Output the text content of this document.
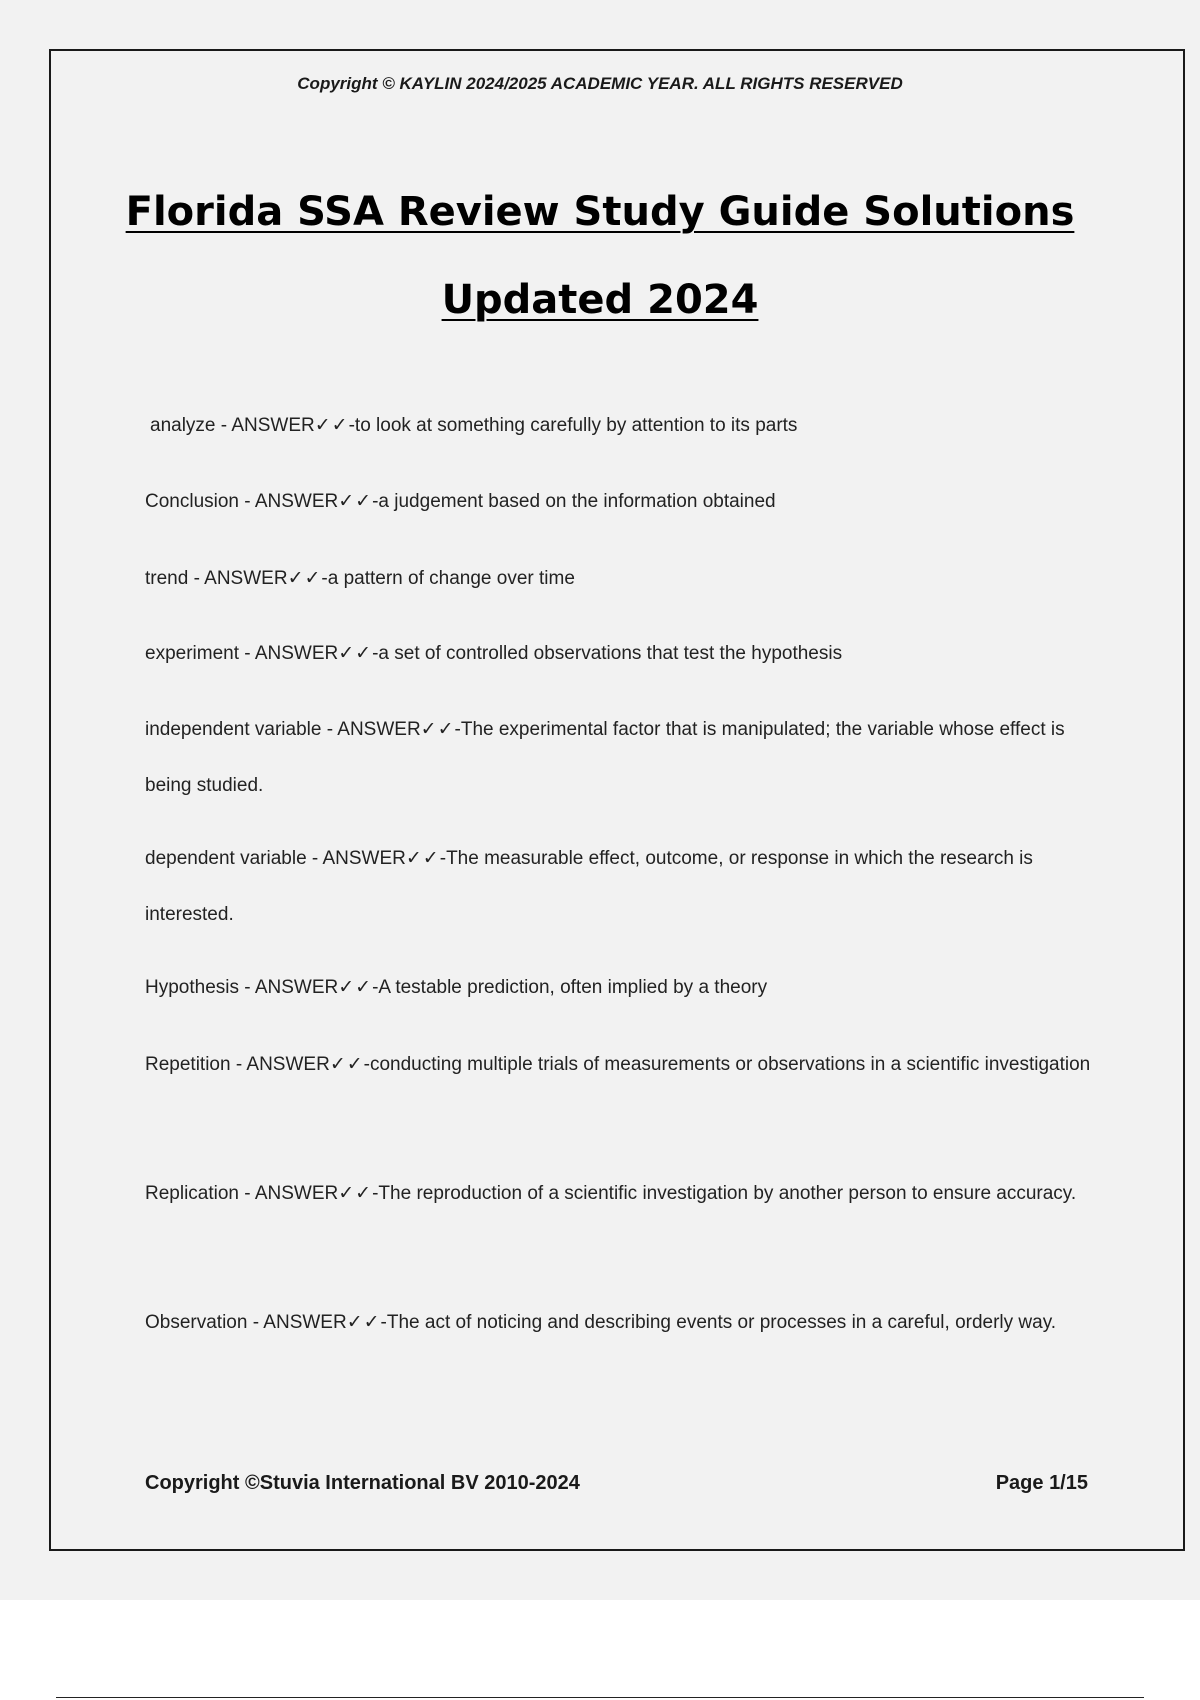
Copyright © KAYLIN 2024/2025 ACADEMIC YEAR. ALL RIGHTS RESERVED
Florida SSA Review Study Guide Solutions
Updated 2024

analyze - ANSWER✓✓-to look at something carefully by attention to its parts

Conclusion - ANSWER✓✓-a judgement based on the information obtained

trend - ANSWER✓✓-a pattern of change over time

experiment - ANSWER✓✓-a set of controlled observations that test the hypothesis

independent variable - ANSWER✓✓-The experimental factor that is manipulated; the variable whose effect is being studied.

dependent variable - ANSWER✓✓-The measurable effect, outcome, or response in which the research is interested.

Hypothesis - ANSWER✓✓-A testable prediction, often implied by a theory

Repetition - ANSWER✓✓-conducting multiple trials of measurements or observations in a scientific investigation

Replication - ANSWER✓✓-The reproduction of a scientific investigation by another person to ensure accuracy.

Observation - ANSWER✓✓-The act of noticing and describing events or processes in a careful, orderly way.

Copyright ©Stuvia International BV 2010-2024	Page 1/15
